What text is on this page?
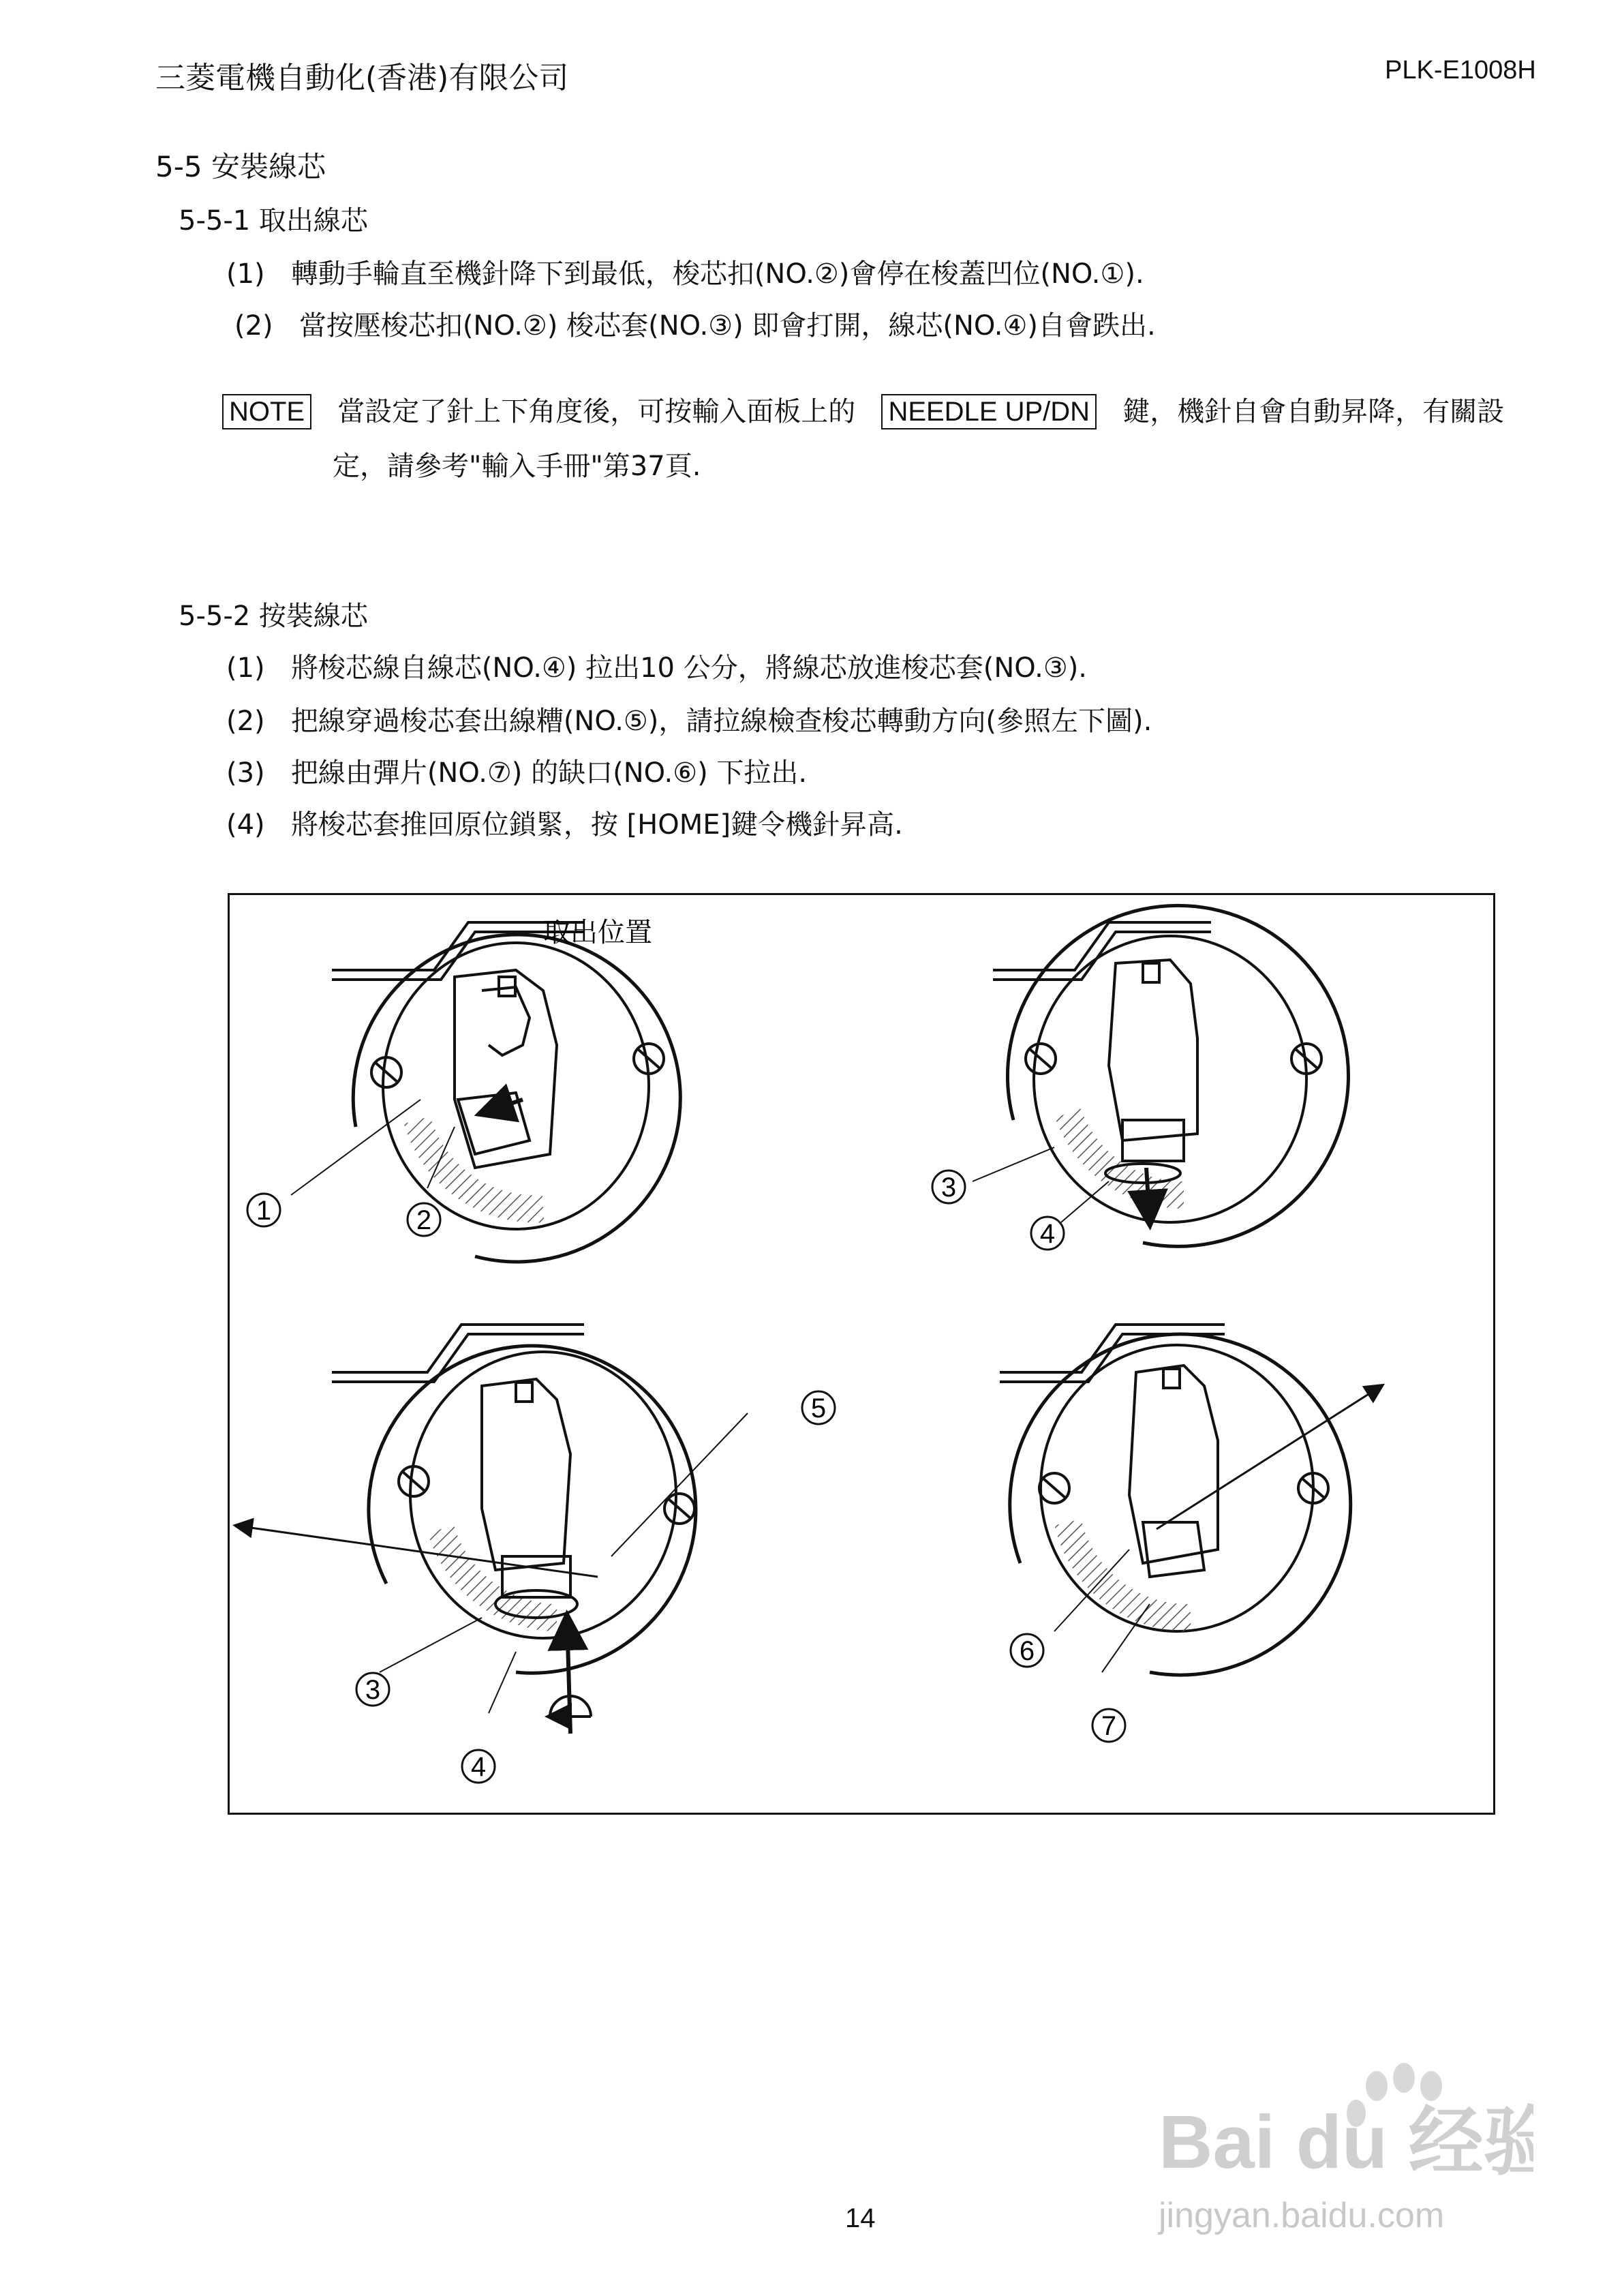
三菱電機自動化(香港)有限公司	PLK-E1008H
5-5 安裝線芯
5-5-1 取出線芯
(1) 轉動手輪直至機針降下到最低，梭芯扣(NO.②)會停在梭蓋凹位(NO.①).
(2) 當按壓梭芯扣(NO.②) 梭芯套(NO.③) 即會打開，線芯(NO.④)自會跌出.
NOTE 當設定了針上下角度後，可按輸入面板上的 NEEDLE UP/DN 鍵，機針自會自動昇降，有關設
定，請參考"輸入手冊"第37頁.
5-5-2 按裝線芯
(1) 將梭芯線自線芯(NO.④) 拉出10 公分，將線芯放進梭芯套(NO.③).
(2) 把線穿過梭芯套出線糟(NO.⑤)，請拉線檢查梭芯轉動方向(參照左下圖).
(3) 把線由彈片(NO.⑦) 的缺口(NO.⑥) 下拉出.
(4) 將梭芯套推回原位鎖緊，按 [HOME]鍵令機針昇高.
取出位置
1	2
3
4
3
4
5
6
7
14
Bai du 经验
jingyan.baidu.com
